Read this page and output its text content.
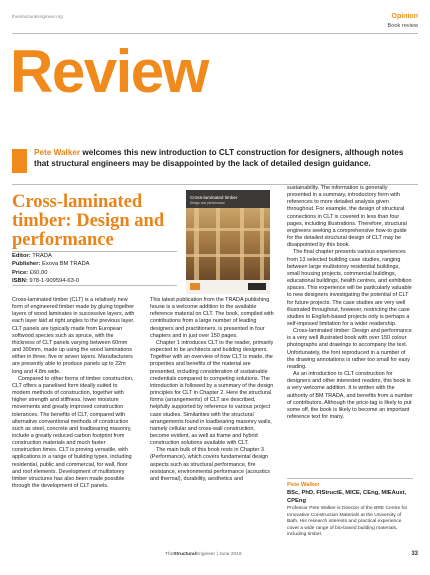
thestructuralengineer.org	Opinion
Book review
Review
Pete Walker welcomes this new introduction to CLT construction for designers, although notes that structural engineers may be disappointed by the lack of detailed design guidance.
Cross-laminated timber: Design and performance
Cross-laminated timber
Design and performance
Editor: TRADA
Publisher: Exova BM TRADA
Price: £60.00
ISBN: 978-1-909594-63-0

Cross-laminated timber (CLT) is a relatively new form of engineered timber made by gluing together layers of wood laminates in successive layers, with each layer laid at right angles to the previous layer. CLT panels are typically made from European softwood species such as spruce, with the thickness of CLT panels varying between 60mm and 300mm, made up using the wood laminations either in three, five or seven layers. Manufacturers are presently able to produce panels up to 22m long and 4.8m wide.

Compared to other forms of timber construction, CLT offers a panelised form ideally suited to modern methods of construction, together with higher strength and stiffness, lower moisture movements and greatly improved construction tolerances. The benefits of CLT, compared with alternative conventional methods of construction such as steel, concrete and loadbearing masonry, include a greatly reduced carbon footprint from construction materials and much faster construction times. CLT is proving versatile, with applications in a range of building types, including residential, public and commercial, for wall, floor and roof elements. Development of multistorey timber structures has also been made possible through the development of CLT panels.

This latest publication from the TRADA publishing house is a welcome addition to the available reference material on CLT. The book, compiled with contributions from a large number of leading designers and practitioners, is presented in four chapters and in just over 150 pages.

Chapter 1 introduces CLT to the reader, primarily expected to be architects and building designers. Together with an overview of how CLT is made, the properties and benefits of the material are presented, including consideration of sustainable credentials compared to competing solutions. The introduction is followed by a summary of the design principles for CLT in Chapter 2. Here the structural forms (arrangements) of CLT are described, helpfully supported by reference to various project case studies. Similarities with the structural arrangements found in loadbearing masonry walls, namely cellular and cross-wall construction, become evident, as well as frame and hybrid construction solutions available with CLT.

The main bulk of this book rests in Chapter 3 (Performance), which covers fundamental design aspects such as structural performance, fire resistance, environmental performance (acoustics and thermal), durability, aesthetics and

sustainability. The information is generally presented in a summary, introductory form with references to more detailed analysis given throughout. For example, the design of structural connections in CLT is covered in less than four pages, including illustrations. Therefore, structural engineers seeking a comprehensive how-to guide for the detailed structural design of CLT may be disappointed by this book.

The final chapter presents various experiences from 13 selected building case studies, ranging between large multistorey residential buildings, small housing projects, commercial buildings, educational buildings, health centres, and exhibition spaces. This experience will be particularly valuable to new designers investigating the potential of CLT for future projects. The case studies are very well illustrated throughout, however, restricting the case studies to English-based projects only is perhaps a self-imposed limitation for a wider readership.

Cross-laminated timber: Design and performance is a very well illustrated book with over 150 colour photographs and drawings to accompany the text. Unfortunately, the font reproduced in a number of the drawing annotations is rather too small for easy reading.

As an introduction to CLT construction for designers and other interested readers, this book is a very welcome addition. It is written with the authority of BM TRADA, and benefits from a number of contributors. Although the price-tag is likely to put some off, the book is likely to become an important reference text for many.

Pete Walker
BSc, PhD, FIStructE, MICE, CEng, MIEAust, CPEng
Professor Pete Walker is Director of the BRE Centre for Innovative Construction Materials at the University of Bath. His research interests and practical experience cover a wide range of bio-based building materials, including timber.
TheStructuralEngineer | June 2016	33
